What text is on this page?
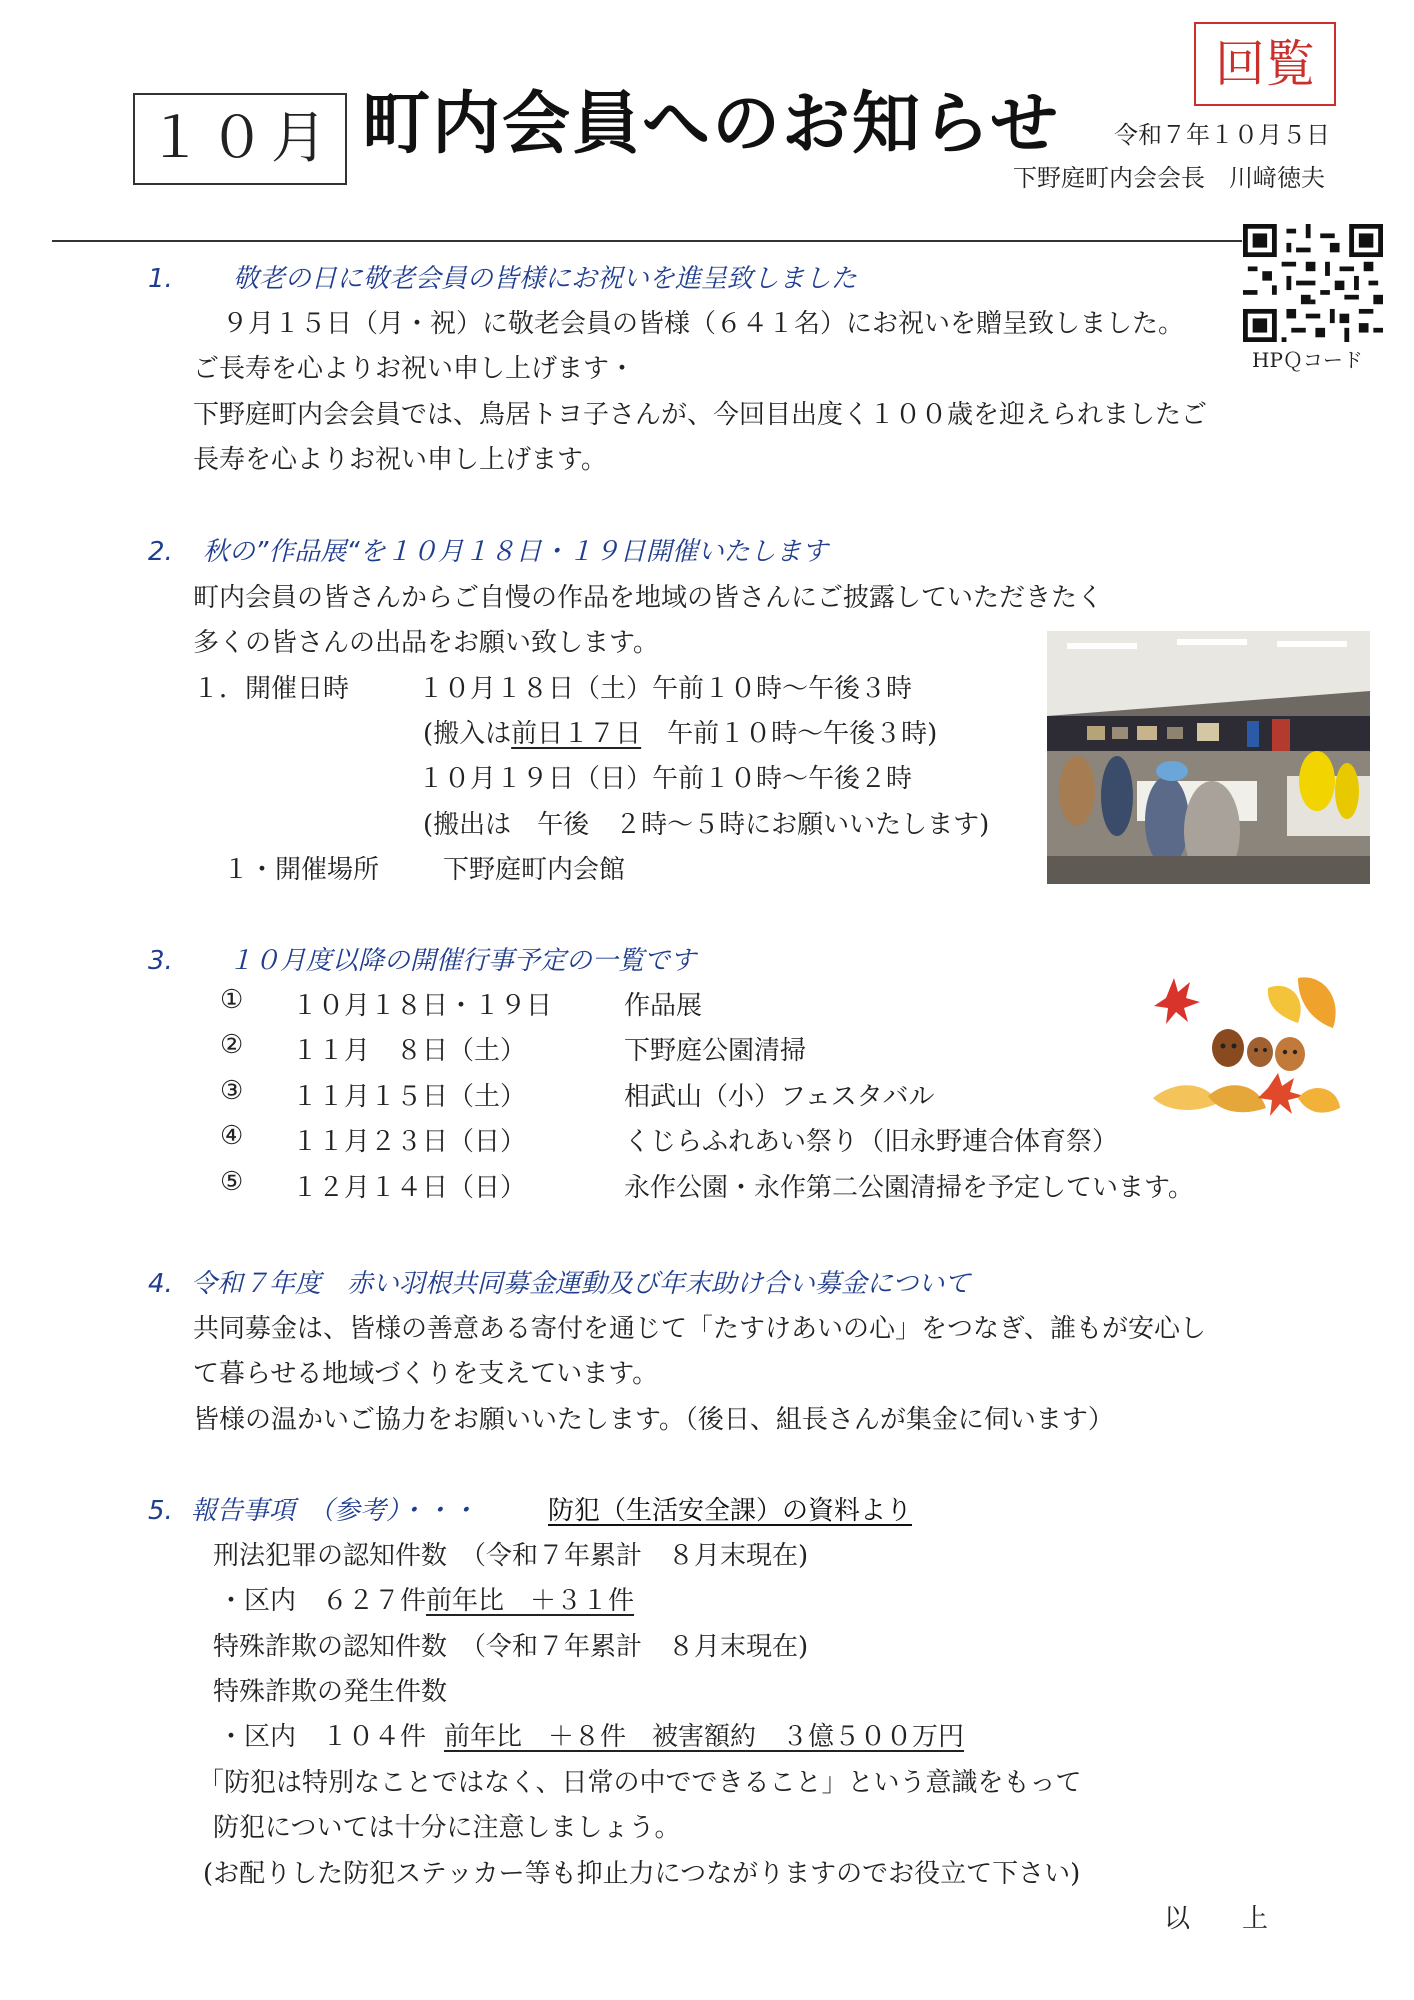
１０月 町内会員へのお知らせ
回覧
令和７年１０月５日
下野庭町内会会長　川﨑徳夫
HPＱコード
1. 敬老の日に敬老会員の皆様にお祝いを進呈致しました
９月１５日（月・祝）に敬老会員の皆様（６４１名）にお祝いを贈呈致しました。
ご長寿を心よりお祝い申し上げます・
下野庭町内会会員では、鳥居トヨ子さんが、今回目出度く１００歳を迎えられましたご
長寿を心よりお祝い申し上げます。
2. 秋の”作品展“を１０月１８日・１９日開催いたします
町内会員の皆さんからご自慢の作品を地域の皆さんにご披露していただきたく
多くの皆さんの出品をお願い致します。
１．開催日時	１０月１８日（土）午前１０時～午後３時
(搬入は前日１７日　午前１０時～午後３時)
１０月１９日（日）午前１０時～午後２時
(搬出は　午後　２時～５時にお願いいたします)
１・開催場所 下野庭町内会館
3. １０月度以降の開催行事予定の一覧です
① １０月１８日・１９日	作品展
② １１月　８日（土）	下野庭公園清掃
③ １１月１５日（土）	相武山（小）フェスタバル
④ １１月２３日（日）	くじらふれあい祭り（旧永野連合体育祭）
⑤ １２月１４日（日）	永作公園・永作第二公園清掃を予定しています。
4. 令和７年度　赤い羽根共同募金運動及び年末助け合い募金について
共同募金は、皆様の善意ある寄付を通じて「たすけあいの心」をつなぎ、誰もが安心し
て暮らせる地域づくりを支えています。
皆様の温かいご協力をお願いいたします。（後日、組長さんが集金に伺います）
5. 報告事項　（参考）・・・	防犯（生活安全課）の資料より
刑法犯罪の認知件数　（令和７年累計　８月末現在)
・区内　６２７件前年比　＋３１件
特殊詐欺の認知件数　（令和７年累計　８月末現在)
特殊詐欺の発生件数
・区内　１０４件 前年比　＋８件　被害額約　３億５００万円
「防犯は特別なことではなく、日常の中でできること」という意識をもって
防犯については十分に注意しましょう。
(お配りした防犯ステッカー等も抑止力につながりますのでお役立て下さい)
以　　上
